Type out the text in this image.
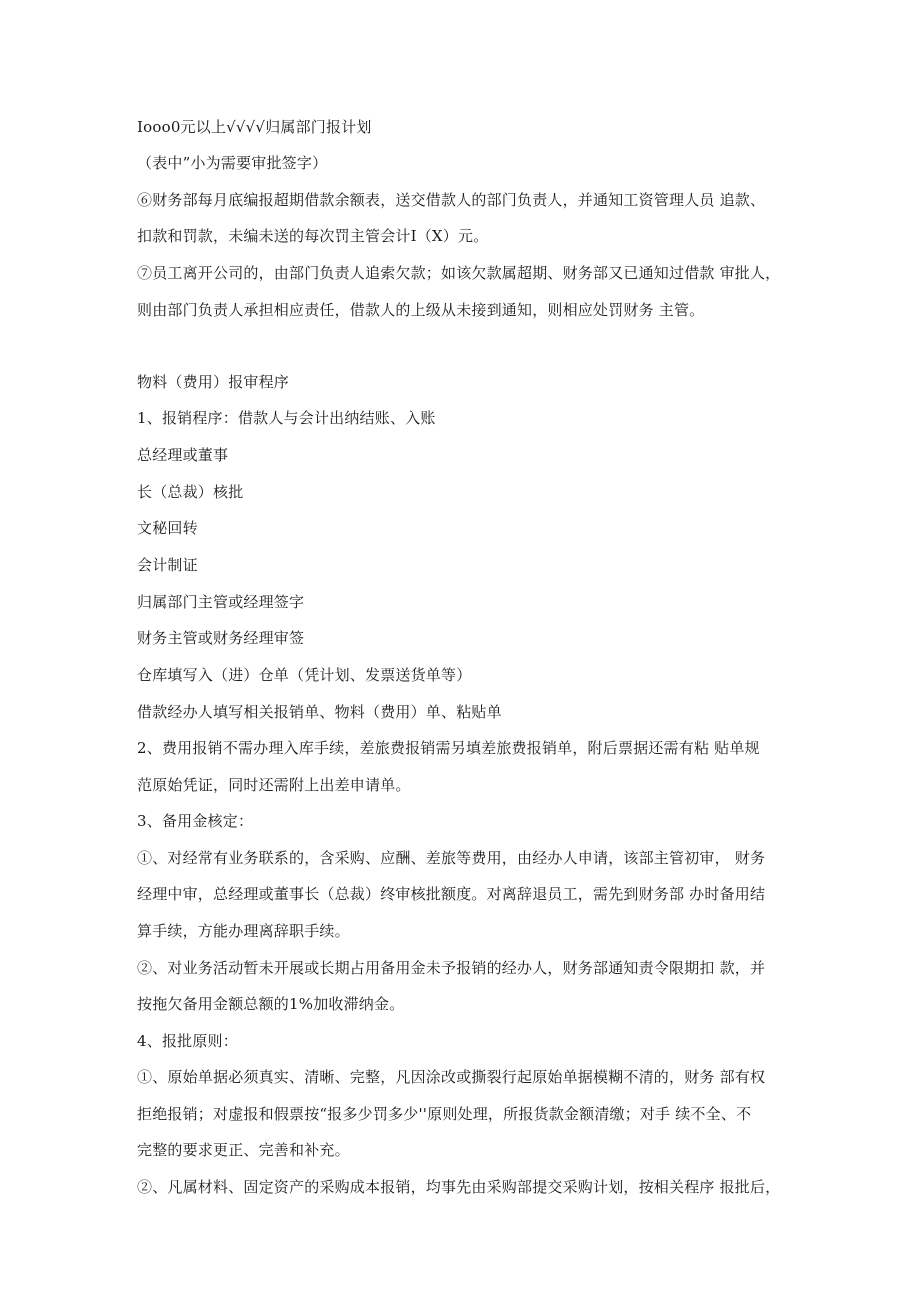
Iooo0元以上√√√√归属部门报计划
（表中”小为需要审批签字）
⑥财务部每月底编报超期借款余额表，送交借款人的部门负责人，并通知工资管理人员 追款、
扣款和罚款，未编未送的每次罚主管会计I（X）元。
⑦员工离开公司的，由部门负责人追索欠款；如该欠款属超期、财务部又已通知过借款 审批人，
则由部门负责人承担相应责任，借款人的上级从未接到通知，则相应处罚财务 主管。
物料（费用）报审程序
1、报销程序：借款人与会计出纳结账、入账
总经理或董事
长（总裁）核批
文秘回转
会计制证
归属部门主管或经理签字
财务主管或财务经理审签
仓库填写入（进）仓单（凭计划、发票送货单等）
借款经办人填写相关报销单、物料（费用）单、粘贴单
2、费用报销不需办理入库手续，差旅费报销需另填差旅费报销单，附后票据还需有粘 贴单规
范原始凭证，同时还需附上出差申请单。
3、备用金核定：
①、对经常有业务联系的，含采购、应酬、差旅等费用，由经办人申请，该部主管初审， 财务
经理中审，总经理或董事长（总裁）终审核批额度。对离辞退员工，需先到财务部 办时备用结
算手续，方能办理离辞职手续。
②、对业务活动暂未开展或长期占用备用金未予报销的经办人，财务部通知责令限期扣 款，并
按拖欠备用金额总额的1%加收滞纳金。
4、报批原则：
①、原始单据必须真实、清晰、完整，凡因涂改或撕裂行起原始单据模糊不清的，财务 部有权
拒绝报销；对虚报和假票按“报多少罚多少''原则处理，所报货款金额清缴；对手 续不全、不
完整的要求更正、完善和补充。
②、凡属材料、固定资产的采购成本报销，均事先由采购部提交采购计划，按相关程序 报批后，
